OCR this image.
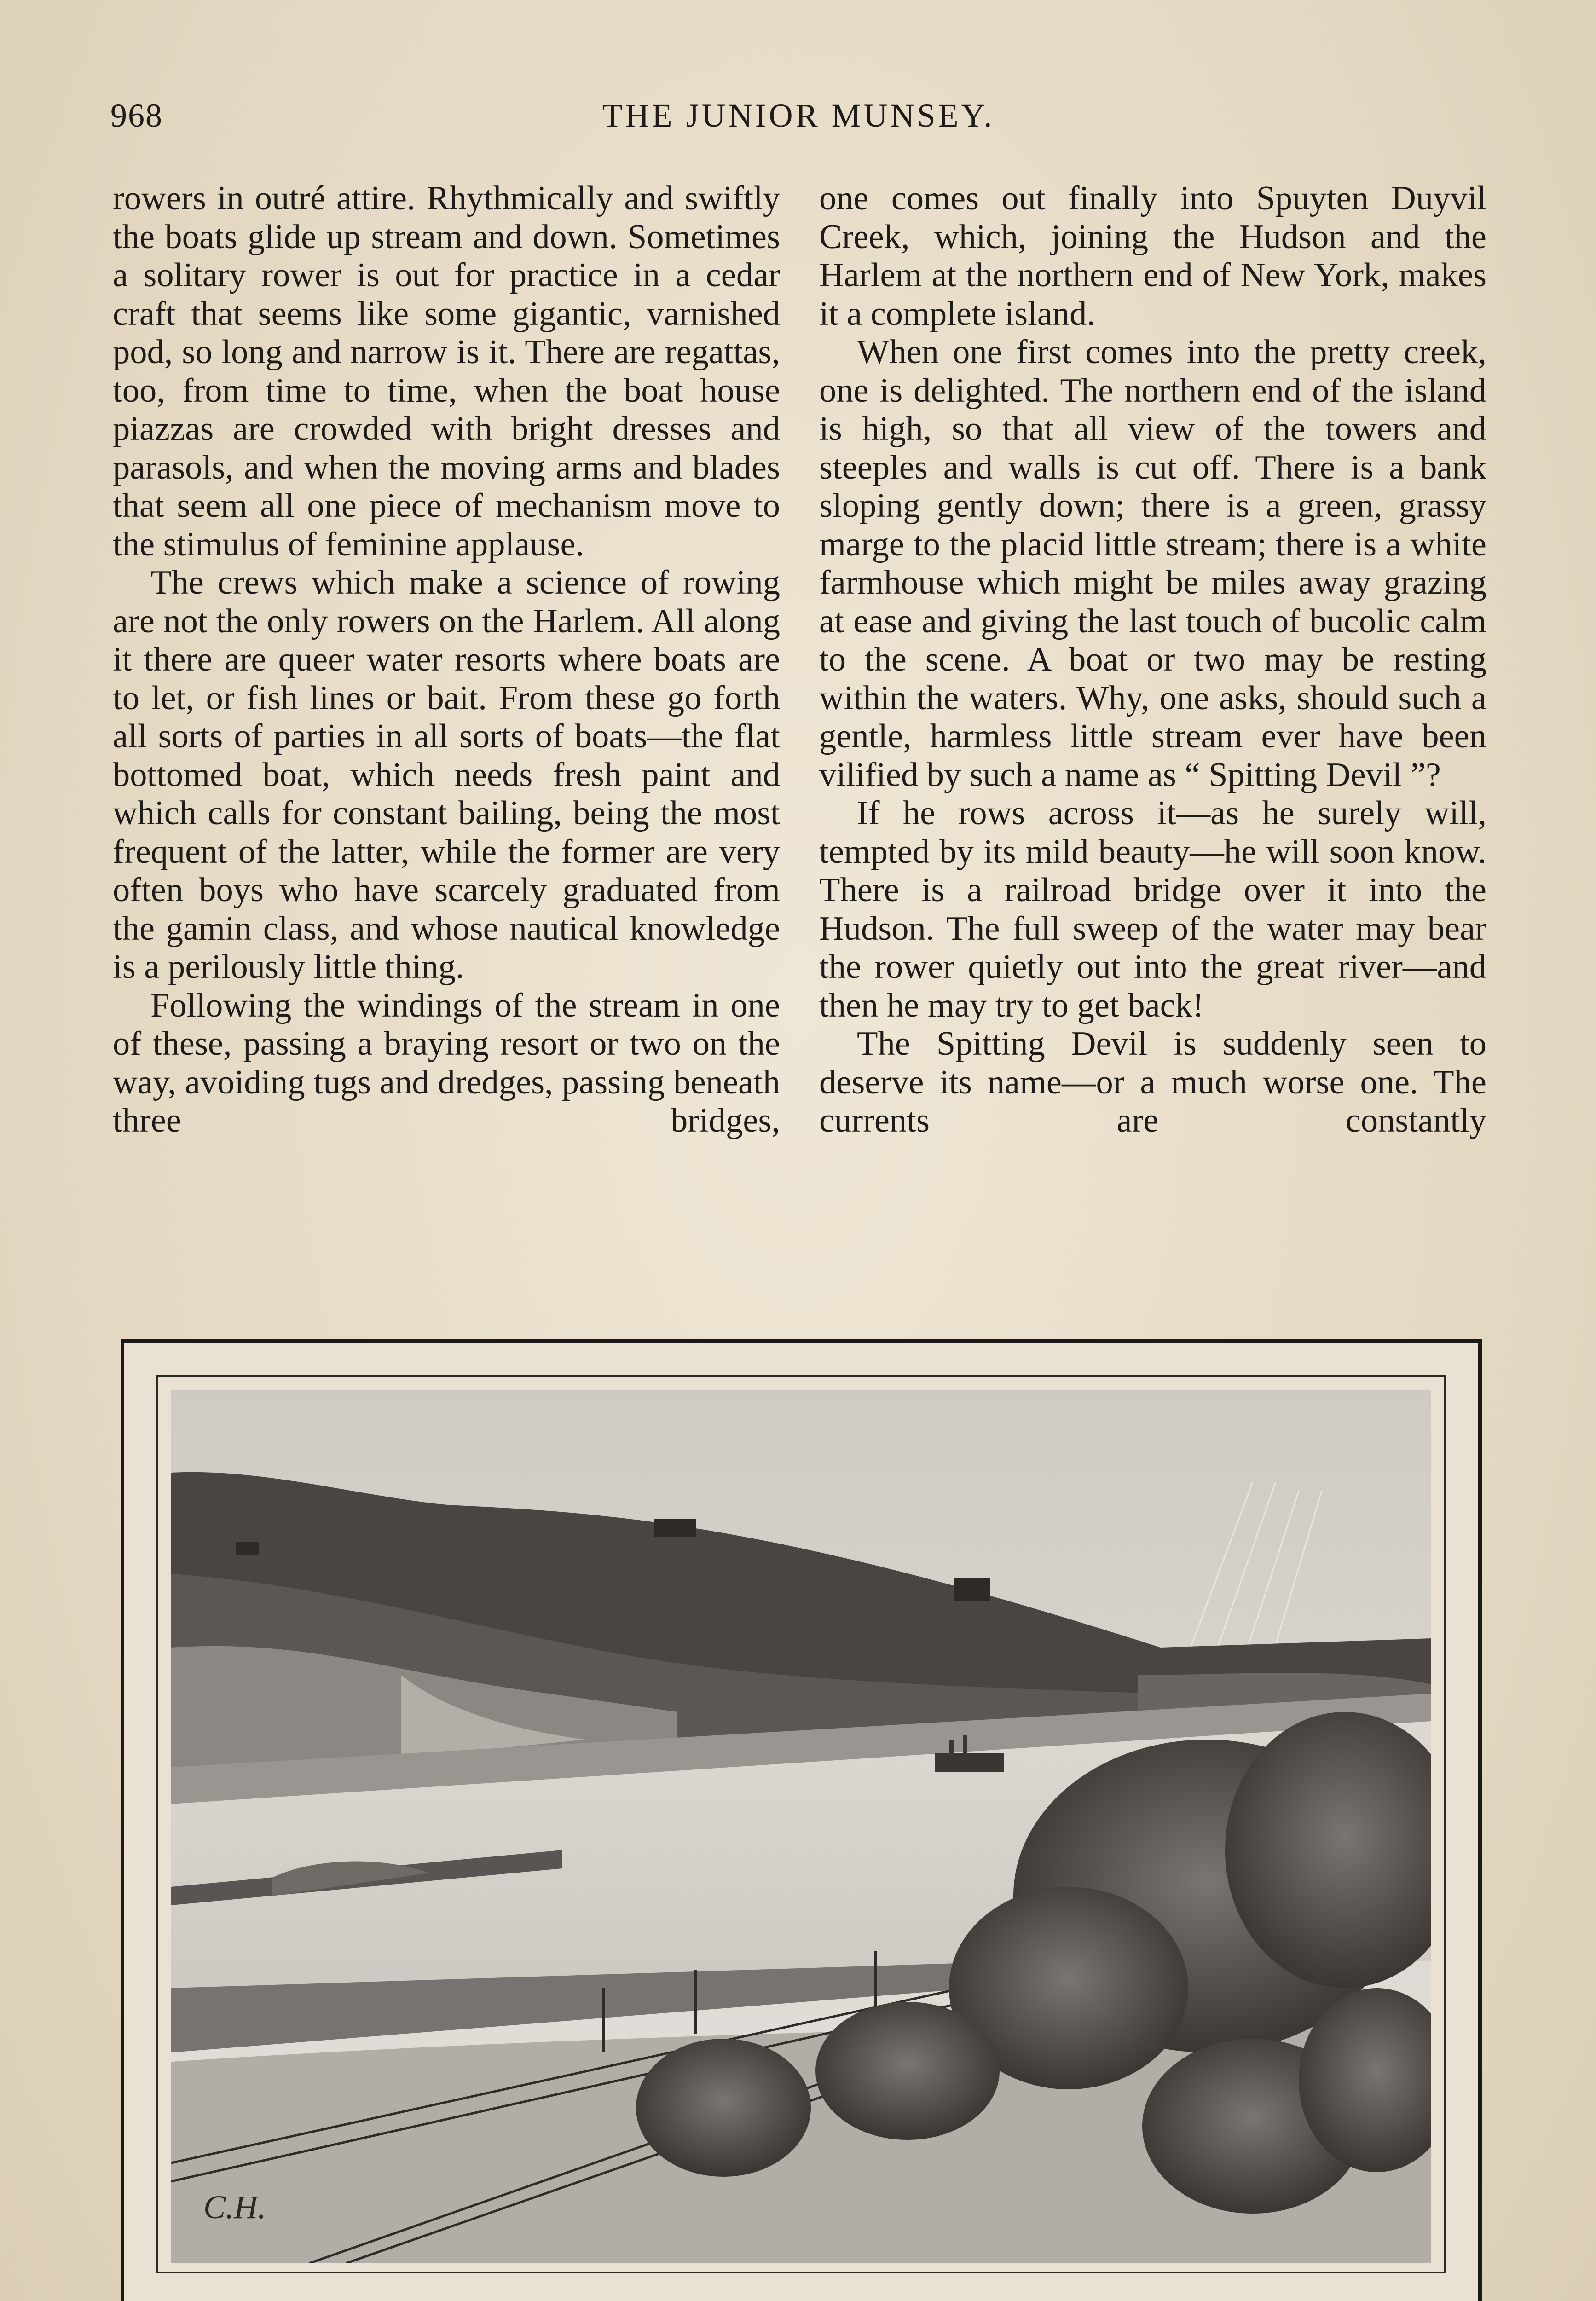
968	THE JUNIOR MUNSEY.

rowers in outré attire. Rhythmically and swiftly the boats glide up stream and down. Sometimes a solitary rower is out for practice in a cedar craft that seems like some gigantic, varnished pod, so long and narrow is it. There are regattas, too, from time to time, when the boat house piazzas are crowded with bright dresses and parasols, and when the moving arms and blades that seem all one piece of mechanism move to the stimulus of feminine applause.

The crews which make a science of rowing are not the only rowers on the Harlem. All along it there are queer water resorts where boats are to let, or fish lines or bait. From these go forth all sorts of parties in all sorts of boats—the flat bottomed boat, which needs fresh paint and which calls for constant bailing, being the most frequent of the latter, while the former are very often boys who have scarcely graduated from the gamin class, and whose nautical knowledge is a perilously little thing.

Following the windings of the stream in one of these, passing a braying resort or two on the way, avoiding tugs and dredges, passing beneath three bridges,

one comes out finally into Spuyten Duyvil Creek, which, joining the Hudson and the Harlem at the northern end of New York, makes it a complete island.

When one first comes into the pretty creek, one is delighted. The northern end of the island is high, so that all view of the towers and steeples and walls is cut off. There is a bank sloping gently down; there is a green, grassy marge to the placid little stream; there is a white farmhouse which might be miles away grazing at ease and giving the last touch of bucolic calm to the scene. A boat or two may be resting within the waters. Why, one asks, should such a gentle, harmless little stream ever have been vilified by such a name as “ Spitting Devil ”?

If he rows across it—as he surely will, tempted by its mild beauty—he will soon know. There is a railroad bridge over it into the Hudson. The full sweep of the water may bear the rower quietly out into the great river—and then he may try to get back!

The Spitting Devil is suddenly seen to deserve its name—or a much worse one. The currents are constantly

C.H.
